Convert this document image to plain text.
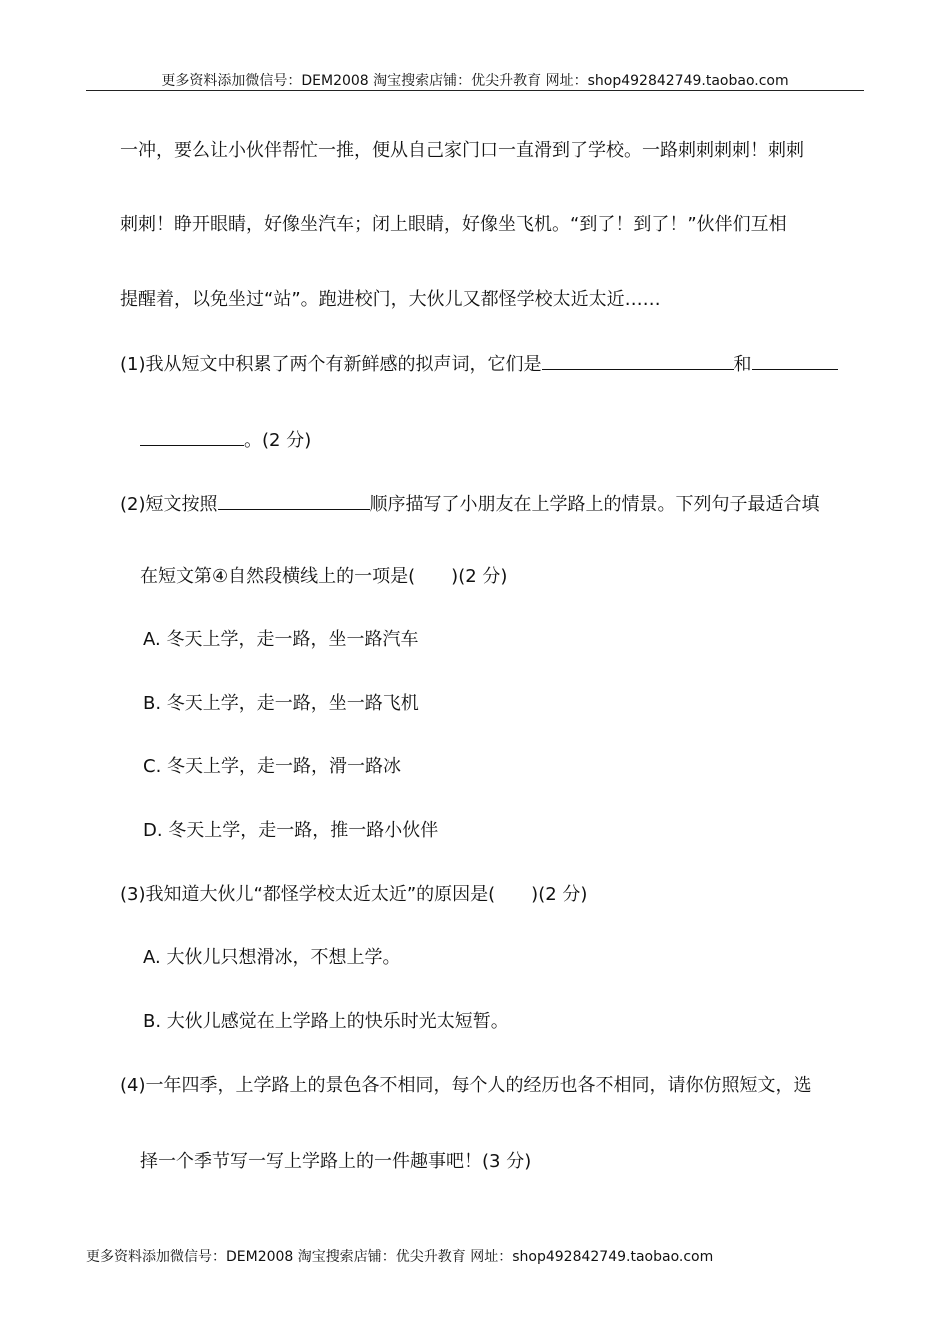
更多资料添加微信号：DEM2008 淘宝搜索店铺：优尖升教育 网址：shop492842749.taobao.com
一冲，要么让小伙伴帮忙一推，便从自己家门口一直滑到了学校。一路刺刺刺刺！刺刺
刺刺！睁开眼睛，好像坐汽车；闭上眼睛，好像坐飞机。“到了！到了！”伙伴们互相
提醒着，以免坐过“站”。跑进校门，大伙儿又都怪学校太近太近……
(1)我从短文中积累了两个有新鲜感的拟声词，它们是	和
。(2 分)
(2)短文按照	顺序描写了小朋友在上学路上的情景。下列句子最适合填
在短文第④自然段横线上的一项是( )(2 分)
A. 冬天上学，走一路，坐一路汽车
B. 冬天上学，走一路，坐一路飞机
C. 冬天上学，走一路，滑一路冰
D. 冬天上学，走一路，推一路小伙伴
(3)我知道大伙儿“都怪学校太近太近”的原因是( )(2 分)
A. 大伙儿只想滑冰，不想上学。
B. 大伙儿感觉在上学路上的快乐时光太短暂。
(4)一年四季，上学路上的景色各不相同，每个人的经历也各不相同，请你仿照短文，选
择一个季节写一写上学路上的一件趣事吧！(3 分)
更多资料添加微信号：DEM2008 淘宝搜索店铺：优尖升教育 网址：shop492842749.taobao.com
